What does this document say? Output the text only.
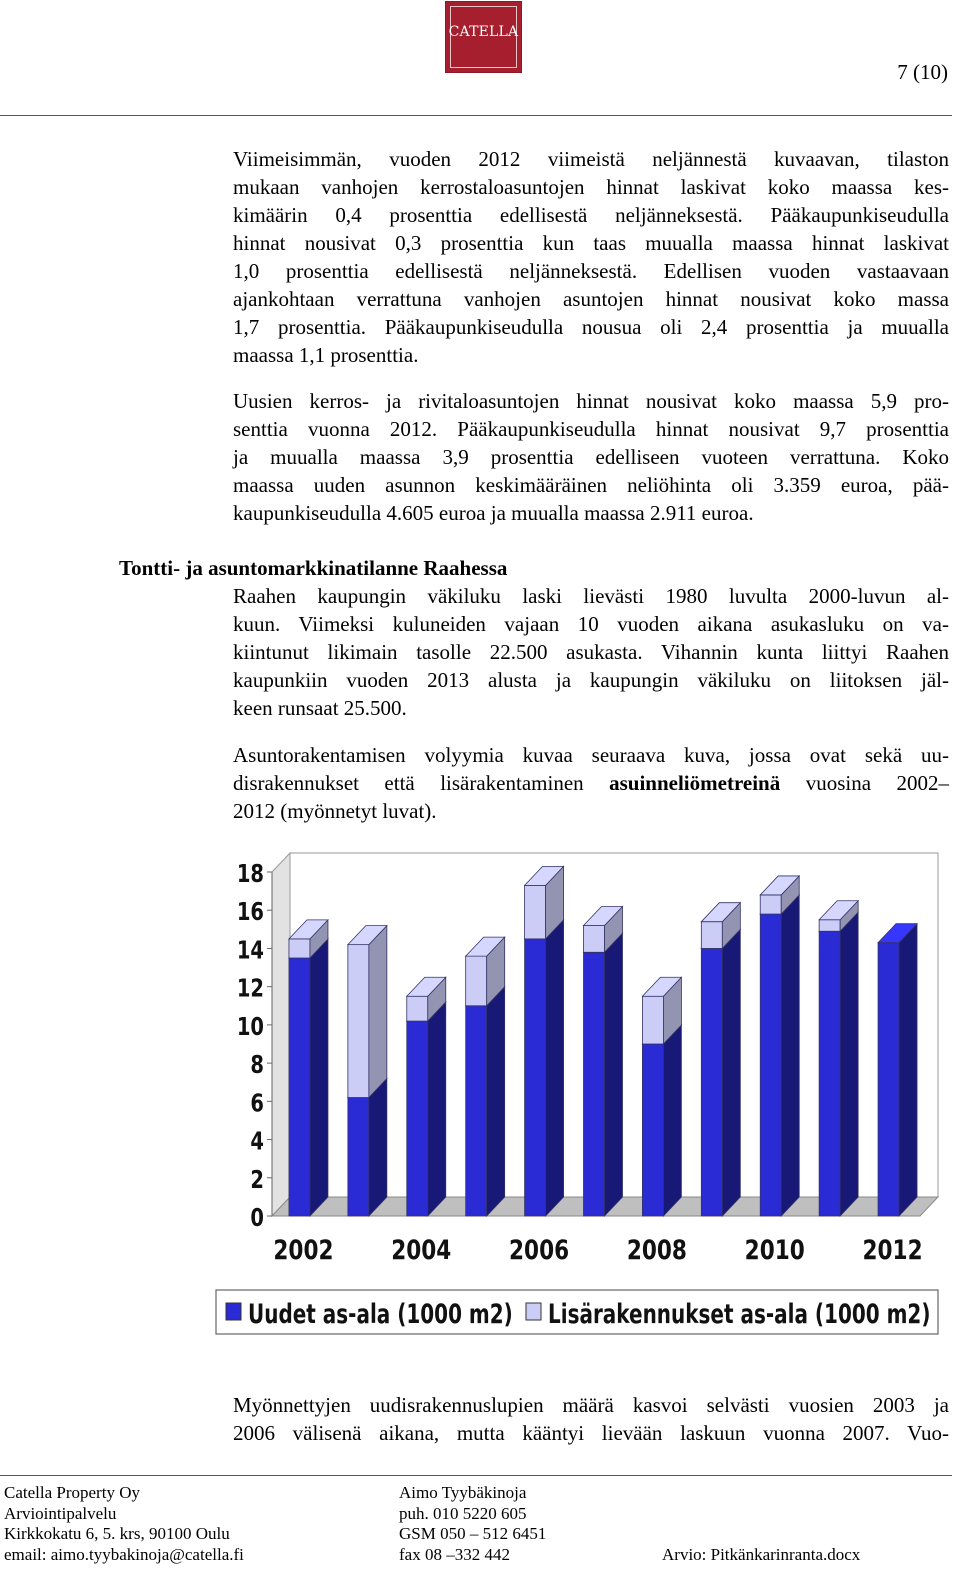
CATELLA
7 (10)
Viimeisimmän, vuoden 2012 viimeistä neljännestä kuvaavan, tilaston
mukaan vanhojen kerrostaloasuntojen hinnat laskivat koko maassa kes-
kimäärin 0,4 prosenttia edellisestä neljänneksestä. Pääkaupunkiseudulla
hinnat nousivat 0,3 prosenttia kun taas muualla maassa hinnat laskivat
1,0 prosenttia edellisestä neljänneksestä. Edellisen vuoden vastaavaan
ajankohtaan verrattuna vanhojen asuntojen hinnat nousivat koko massa
1,7 prosenttia. Pääkaupunkiseudulla nousua oli 2,4 prosenttia ja muualla
maassa 1,1 prosenttia.
Uusien kerros- ja rivitaloasuntojen hinnat nousivat koko maassa 5,9 pro-
senttia vuonna 2012. Pääkaupunkiseudulla hinnat nousivat 9,7 prosenttia
ja muualla maassa 3,9 prosenttia edelliseen vuoteen verrattuna. Koko
maassa uuden asunnon keskimääräinen neliöhinta oli 3.359 euroa, pää-
kaupunkiseudulla 4.605 euroa ja muualla maassa 2.911 euroa.
Tontti- ja asuntomarkkinatilanne Raahessa
Raahen kaupungin väkiluku laski lievästi 1980 luvulta 2000-luvun al-
kuun. Viimeksi kuluneiden vajaan 10 vuoden aikana asukasluku on va-
kiintunut likimain tasolle 22.500 asukasta. Vihannin kunta liittyi Raahen
kaupunkiin vuoden 2013 alusta ja kaupungin väkiluku on liitoksen jäl-
keen runsaat 25.500.
Asuntorakentamisen volyymia kuvaa seuraava kuva, jossa ovat sekä uu-
disrakennukset että lisärakentaminen asuinneliömetreinä vuosina 2002–
2012 (myönnetyt luvat).
0
2
4
6
8
10
12
14
16
18
2002 2004 2006 2008 2010 2012
Uudet as-ala (1000 m2) Lisärakennukset as-ala (1000 m2)
Myönnettyjen uudisrakennuslupien määrä kasvoi selvästi vuosien 2003 ja
2006 välisenä aikana, mutta kääntyi lievään laskuun vuonna 2007. Vuo-
Catella Property Oy
Arviointipalvelu
Kirkkokatu 6, 5. krs, 90100 Oulu
email: aimo.tyybakinoja@catella.fi
Aimo Tyybäkinoja
puh. 010 5220 605
GSM 050 – 512 6451
fax 08 –332 442	Arvio: Pitkänkarinranta.docx
